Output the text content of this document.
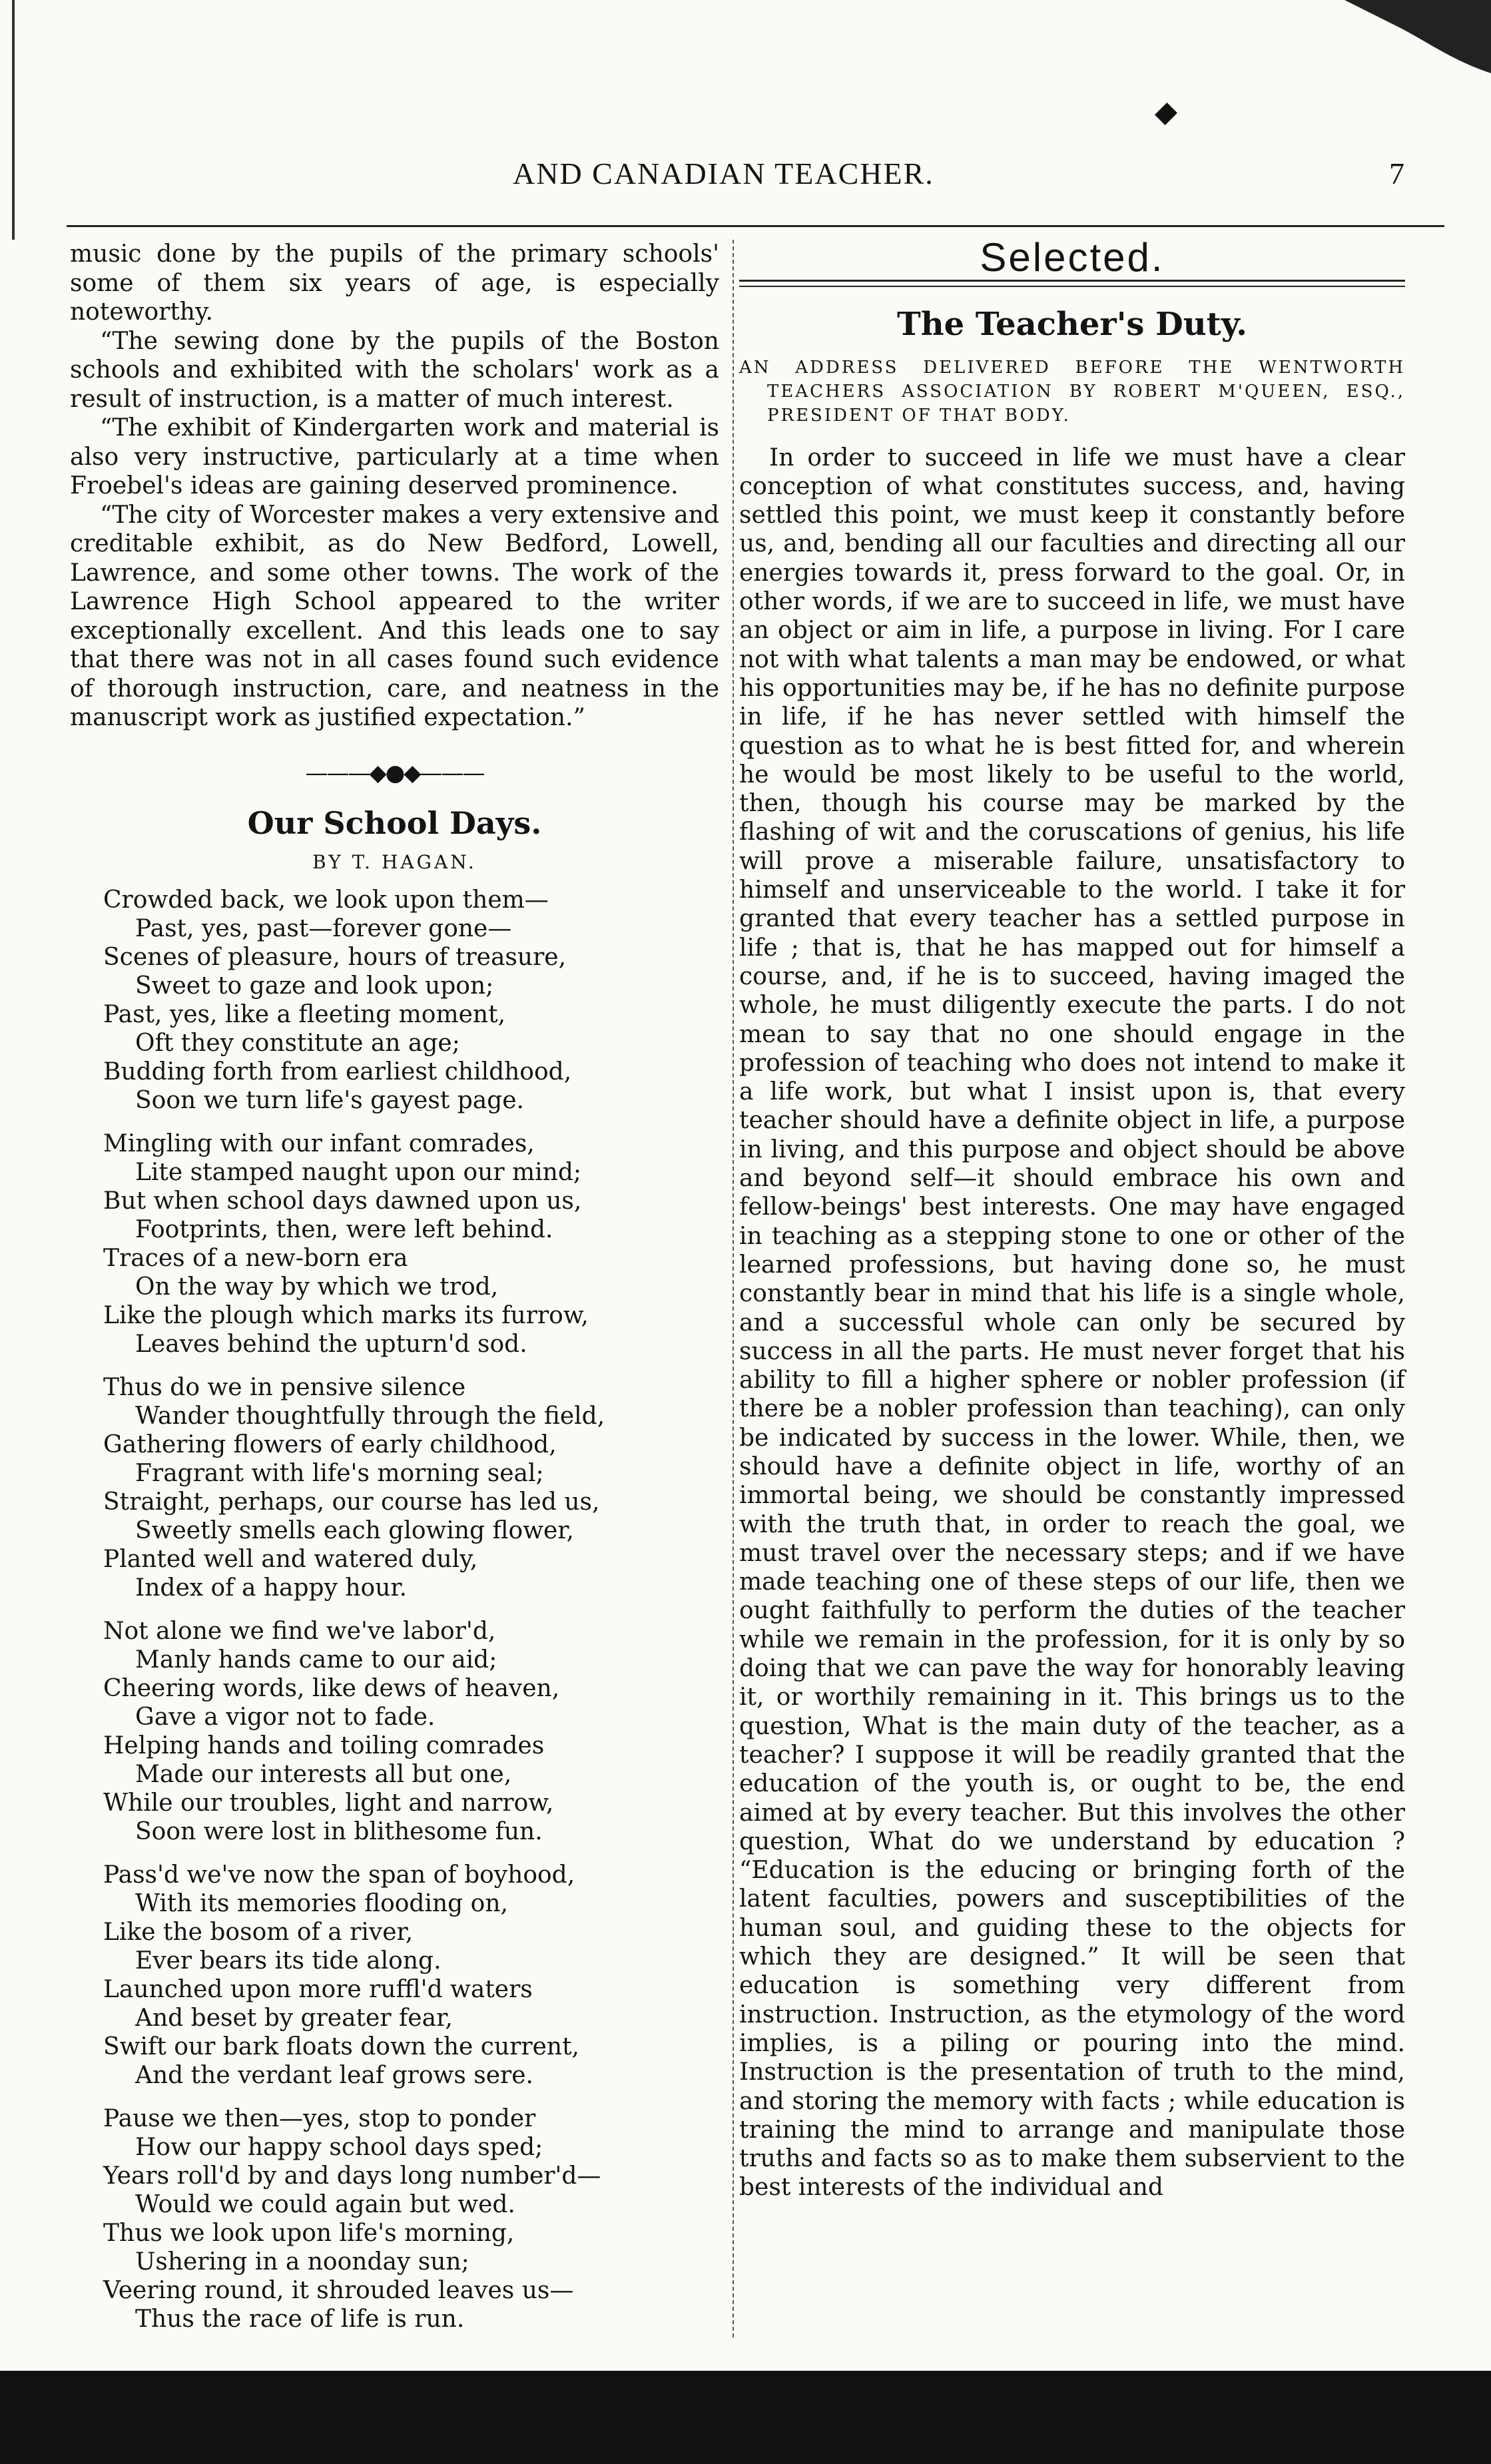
AND CANADIAN TEACHER.	7

music done by the pupils of the primary schools' some of them six years of age, is especially noteworthy.

“The sewing done by the pupils of the Boston schools and exhibited with the scholars' work as a result of instruction, is a matter of much interest.

“The exhibit of Kindergarten work and material is also very instructive, particularly at a time when Froebel's ideas are gaining deserved prominence.

“The city of Worcester makes a very extensive and creditable exhibit, as do New Bedford, Lowell, Lawrence, and some other towns. The work of the Lawrence High School appeared to the writer exceptionally excellent. And this leads one to say that there was not in all cases found such evidence of thorough instruction, care, and neatness in the manuscript work as justified expectation.”

———◆●◆———
Our School Days.
BY T. HAGAN.
Crowded back, we look upon them—
Past, yes, past—forever gone—
Scenes of pleasure, hours of treasure,
Sweet to gaze and look upon;
Past, yes, like a fleeting moment,
Oft they constitute an age;
Budding forth from earliest childhood,
Soon we turn life's gayest page.
Mingling with our infant comrades,
Lite stamped naught upon our mind;
But when school days dawned upon us,
Footprints, then, were left behind.
Traces of a new-born era
On the way by which we trod,
Like the plough which marks its furrow,
Leaves behind the upturn'd sod.
Thus do we in pensive silence
Wander thoughtfully through the field,
Gathering flowers of early childhood,
Fragrant with life's morning seal;
Straight, perhaps, our course has led us,
Sweetly smells each glowing flower,
Planted well and watered duly,
Index of a happy hour.
Not alone we find we've labor'd,
Manly hands came to our aid;
Cheering words, like dews of heaven,
Gave a vigor not to fade.
Helping hands and toiling comrades
Made our interests all but one,
While our troubles, light and narrow,
Soon were lost in blithesome fun.
Pass'd we've now the span of boyhood,
With its memories flooding on,
Like the bosom of a river,
Ever bears its tide along.
Launched upon more ruffl'd waters
And beset by greater fear,
Swift our bark floats down the current,
And the verdant leaf grows sere.
Pause we then—yes, stop to ponder
How our happy school days sped;
Years roll'd by and days long number'd—
Would we could again but wed.
Thus we look upon life's morning,
Ushering in a noonday sun;
Veering round, it shrouded leaves us—
Thus the race of life is run.
Selected.
The Teacher's Duty.

AN ADDRESS DELIVERED BEFORE THE WENTWORTH TEACHERS ASSOCIATION BY ROBERT M'QUEEN, ESQ., PRESIDENT OF THAT BODY.

In order to succeed in life we must have a clear conception of what constitutes success, and, having settled this point, we must keep it constantly before us, and, bending all our faculties and directing all our energies towards it, press forward to the goal. Or, in other words, if we are to succeed in life, we must have an object or aim in life, a purpose in living. For I care not with what talents a man may be endowed, or what his opportunities may be, if he has no definite purpose in life, if he has never settled with himself the question as to what he is best fitted for, and wherein he would be most likely to be useful to the world, then, though his course may be marked by the flashing of wit and the coruscations of genius, his life will prove a miserable failure, unsatisfactory to himself and unserviceable to the world. I take it for granted that every teacher has a settled purpose in life ; that is, that he has mapped out for himself a course, and, if he is to succeed, having imaged the whole, he must diligently execute the parts. I do not mean to say that no one should engage in the profession of teaching who does not intend to make it a life work, but what I insist upon is, that every teacher should have a definite object in life, a purpose in living, and this purpose and object should be above and beyond self—it should embrace his own and fellow-beings' best interests. One may have engaged in teaching as a stepping stone to one or other of the learned professions, but having done so, he must constantly bear in mind that his life is a single whole, and a successful whole can only be secured by success in all the parts. He must never forget that his ability to fill a higher sphere or nobler profession (if there be a nobler profession than teaching), can only be indicated by success in the lower. While, then, we should have a definite object in life, worthy of an immortal being, we should be constantly impressed with the truth that, in order to reach the goal, we must travel over the necessary steps; and if we have made teaching one of these steps of our life, then we ought faithfully to perform the duties of the teacher while we remain in the profession, for it is only by so doing that we can pave the way for honorably leaving it, or worthily remaining in it. This brings us to the question, What is the main duty of the teacher, as a teacher? I suppose it will be readily granted that the education of the youth is, or ought to be, the end aimed at by every teacher. But this involves the other question, What do we understand by education ? “Education is the educing or bringing forth of the latent faculties, powers and susceptibilities of the human soul, and guiding these to the objects for which they are designed.” It will be seen that education is something very different from instruction. Instruction, as the etymology of the word implies, is a piling or pouring into the mind. Instruction is the presentation of truth to the mind, and storing the memory with facts ; while education is training the mind to arrange and manipulate those truths and facts so as to make them subservient to the best interests of the individual and
